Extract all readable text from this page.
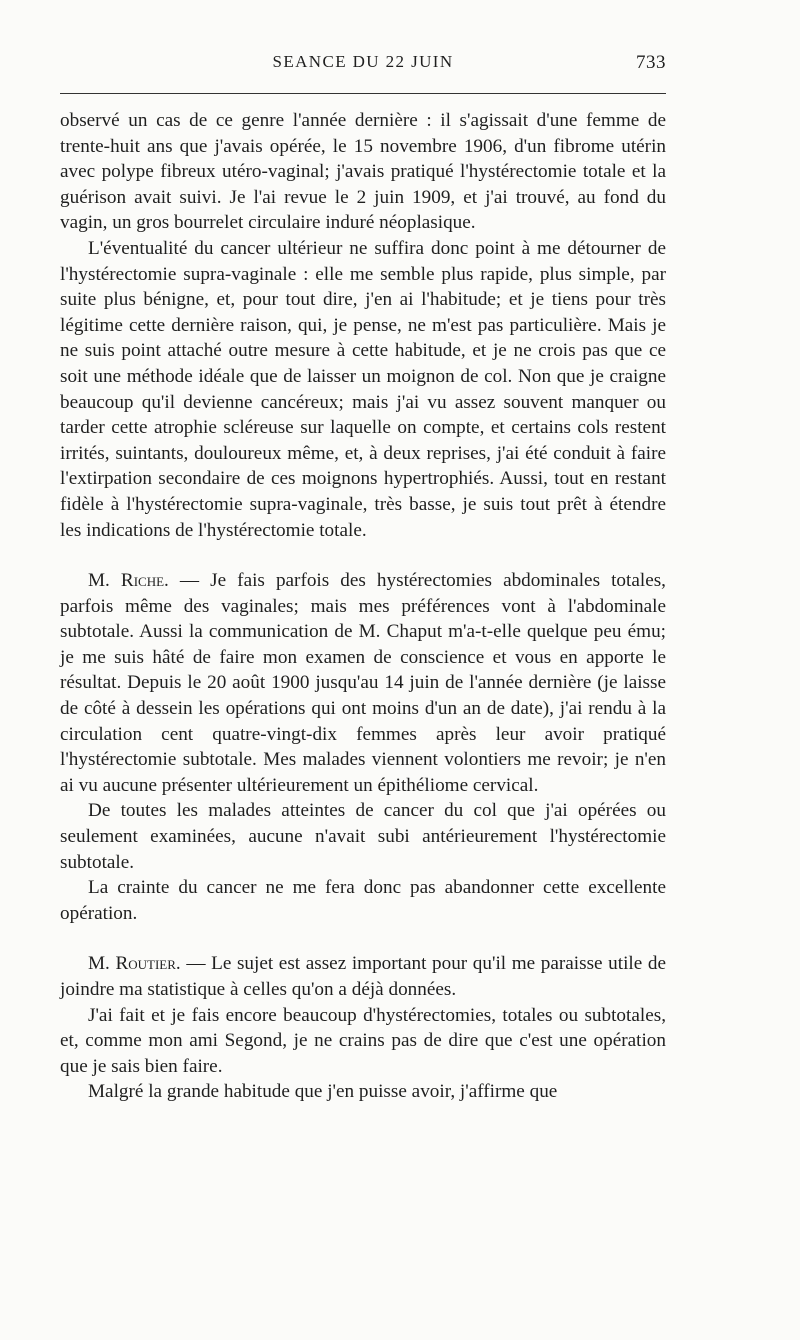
SEANCE DU 22 JUIN	733

observé un cas de ce genre l'année dernière : il s'agissait d'une femme de trente-huit ans que j'avais opérée, le 15 novembre 1906, d'un fibrome utérin avec polype fibreux utéro-vaginal; j'avais pratiqué l'hystérectomie totale et la guérison avait suivi. Je l'ai revue le 2 juin 1909, et j'ai trouvé, au fond du vagin, un gros bourrelet circulaire induré néoplasique.

L'éventualité du cancer ultérieur ne suffira donc point à me détourner de l'hystérectomie supra-vaginale : elle me semble plus rapide, plus simple, par suite plus bénigne, et, pour tout dire, j'en ai l'habitude; et je tiens pour très légitime cette dernière raison, qui, je pense, ne m'est pas particulière. Mais je ne suis point attaché outre mesure à cette habitude, et je ne crois pas que ce soit une méthode idéale que de laisser un moignon de col. Non que je craigne beaucoup qu'il devienne cancéreux; mais j'ai vu assez souvent manquer ou tarder cette atrophie scléreuse sur laquelle on compte, et certains cols restent irrités, suintants, douloureux même, et, à deux reprises, j'ai été conduit à faire l'extirpation secondaire de ces moignons hypertrophiés. Aussi, tout en restant fidèle à l'hystérectomie supra-vaginale, très basse, je suis tout prêt à étendre les indications de l'hystérectomie totale.

M. Riche. — Je fais parfois des hystérectomies abdominales totales, parfois même des vaginales; mais mes préférences vont à l'abdominale subtotale. Aussi la communication de M. Chaput m'a-t-elle quelque peu ému; je me suis hâté de faire mon examen de conscience et vous en apporte le résultat. Depuis le 20 août 1900 jusqu'au 14 juin de l'année dernière (je laisse de côté à dessein les opérations qui ont moins d'un an de date), j'ai rendu à la circulation cent quatre-vingt-dix femmes après leur avoir pratiqué l'hystérectomie subtotale. Mes malades viennent volontiers me revoir; je n'en ai vu aucune présenter ultérieurement un épithéliome cervical.

De toutes les malades atteintes de cancer du col que j'ai opérées ou seulement examinées, aucune n'avait subi antérieurement l'hystérectomie subtotale.

La crainte du cancer ne me fera donc pas abandonner cette excellente opération.

M. Routier. — Le sujet est assez important pour qu'il me paraisse utile de joindre ma statistique à celles qu'on a déjà données.

J'ai fait et je fais encore beaucoup d'hystérectomies, totales ou subtotales, et, comme mon ami Segond, je ne crains pas de dire que c'est une opération que je sais bien faire.

Malgré la grande habitude que j'en puisse avoir, j'affirme que
